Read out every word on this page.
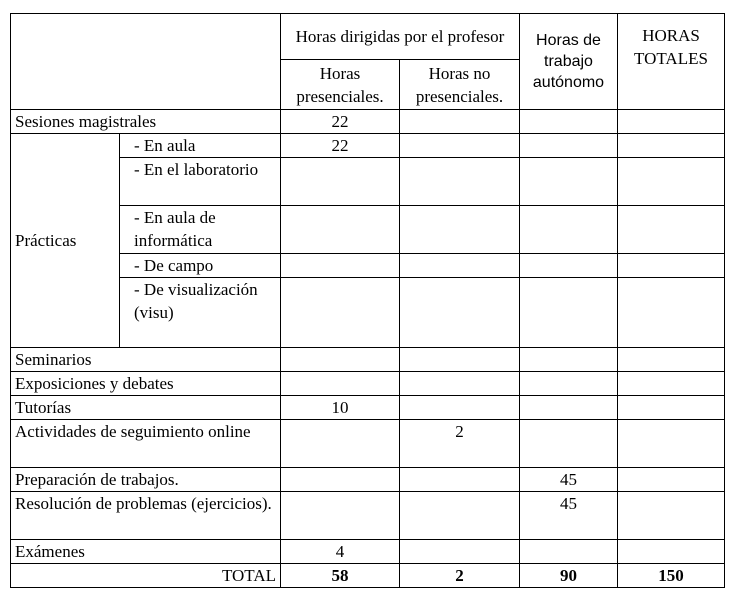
		Horas dirigidas por el profesor		Horas de trabajo autónomo	HORAS TOTALES
		Horas presenciales.	Horas no presenciales.		
Sesiones magistrales		22			
Prácticas	- En aula	22			
	- En el laboratorio				
	- En aula de informática				
	- De campo				
	- De visualización (visu)				
Seminarios					
Exposiciones y debates					
Tutorías		10			
Actividades de seguimiento online			2		
Preparación de trabajos.				45	
Resolución de problemas (ejercicios).				45	
Exámenes		4			
TOTAL		58	2	90	150
